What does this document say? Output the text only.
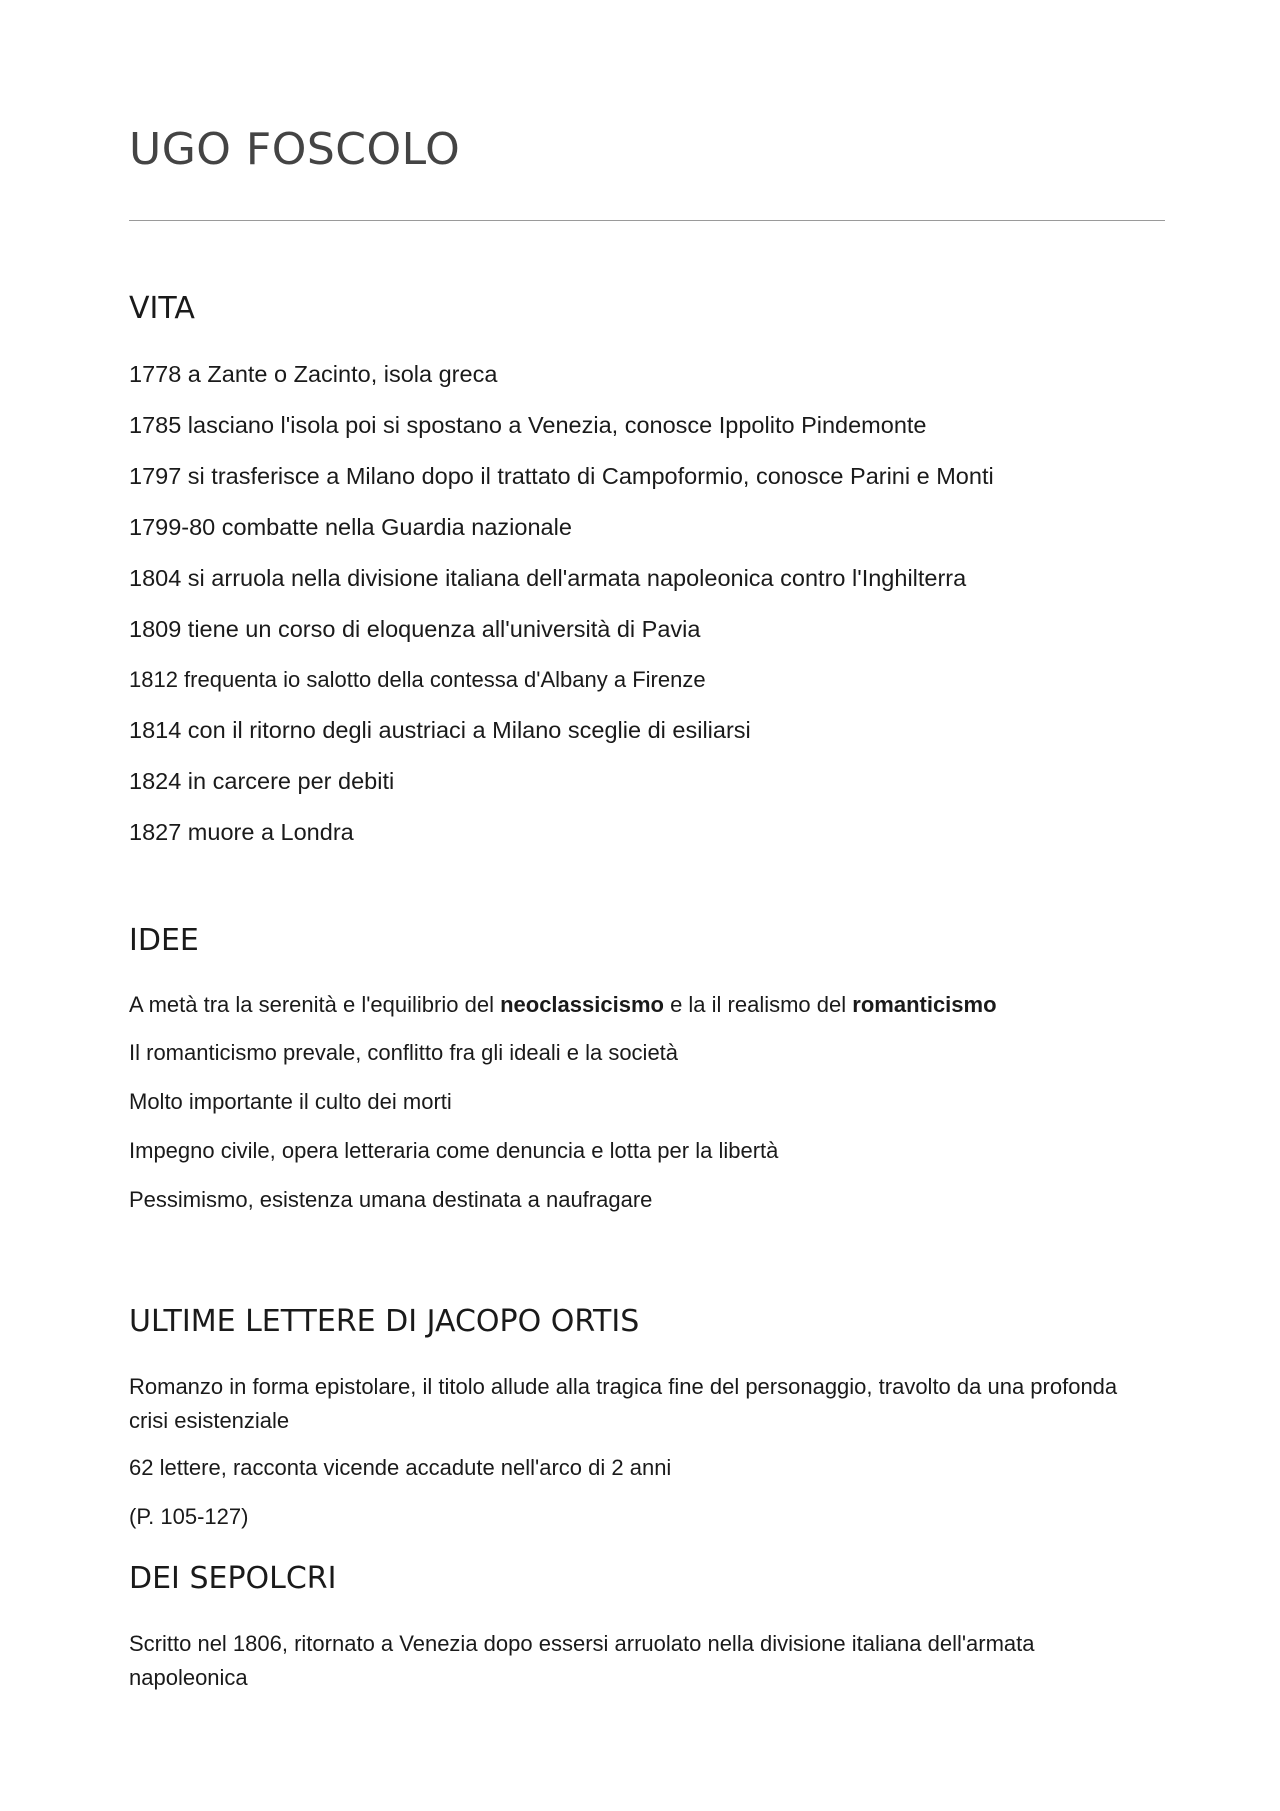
UGO FOSCOLO
VITA

1778 a Zante o Zacinto, isola greca

1785 lasciano l'isola poi si spostano a Venezia, conosce Ippolito Pindemonte

1797 si trasferisce a Milano dopo il trattato di Campoformio, conosce Parini e Monti

1799-80 combatte nella Guardia nazionale

1804 si arruola nella divisione italiana dell'armata napoleonica contro l'Inghilterra

1809 tiene un corso di eloquenza all'università di Pavia

1812 frequenta io salotto della contessa d'Albany a Firenze

1814 con il ritorno degli austriaci a Milano sceglie di esiliarsi

1824 in carcere per debiti

1827 muore a Londra

IDEE

A metà tra la serenità e l'equilibrio del neoclassicismo e la il realismo del romanticismo

Il romanticismo prevale, conflitto fra gli ideali e la società

Molto importante il culto dei morti

Impegno civile, opera letteraria come denuncia e lotta per la libertà

Pessimismo, esistenza umana destinata a naufragare

ULTIME LETTERE DI JACOPO ORTIS

Romanzo in forma epistolare, il titolo allude alla tragica fine del personaggio, travolto da una profonda crisi esistenziale

62 lettere, racconta vicende accadute nell'arco di 2 anni

(P. 105-127)

DEI SEPOLCRI

Scritto nel 1806, ritornato a Venezia dopo essersi arruolato nella divisione italiana dell'armata napoleonica
